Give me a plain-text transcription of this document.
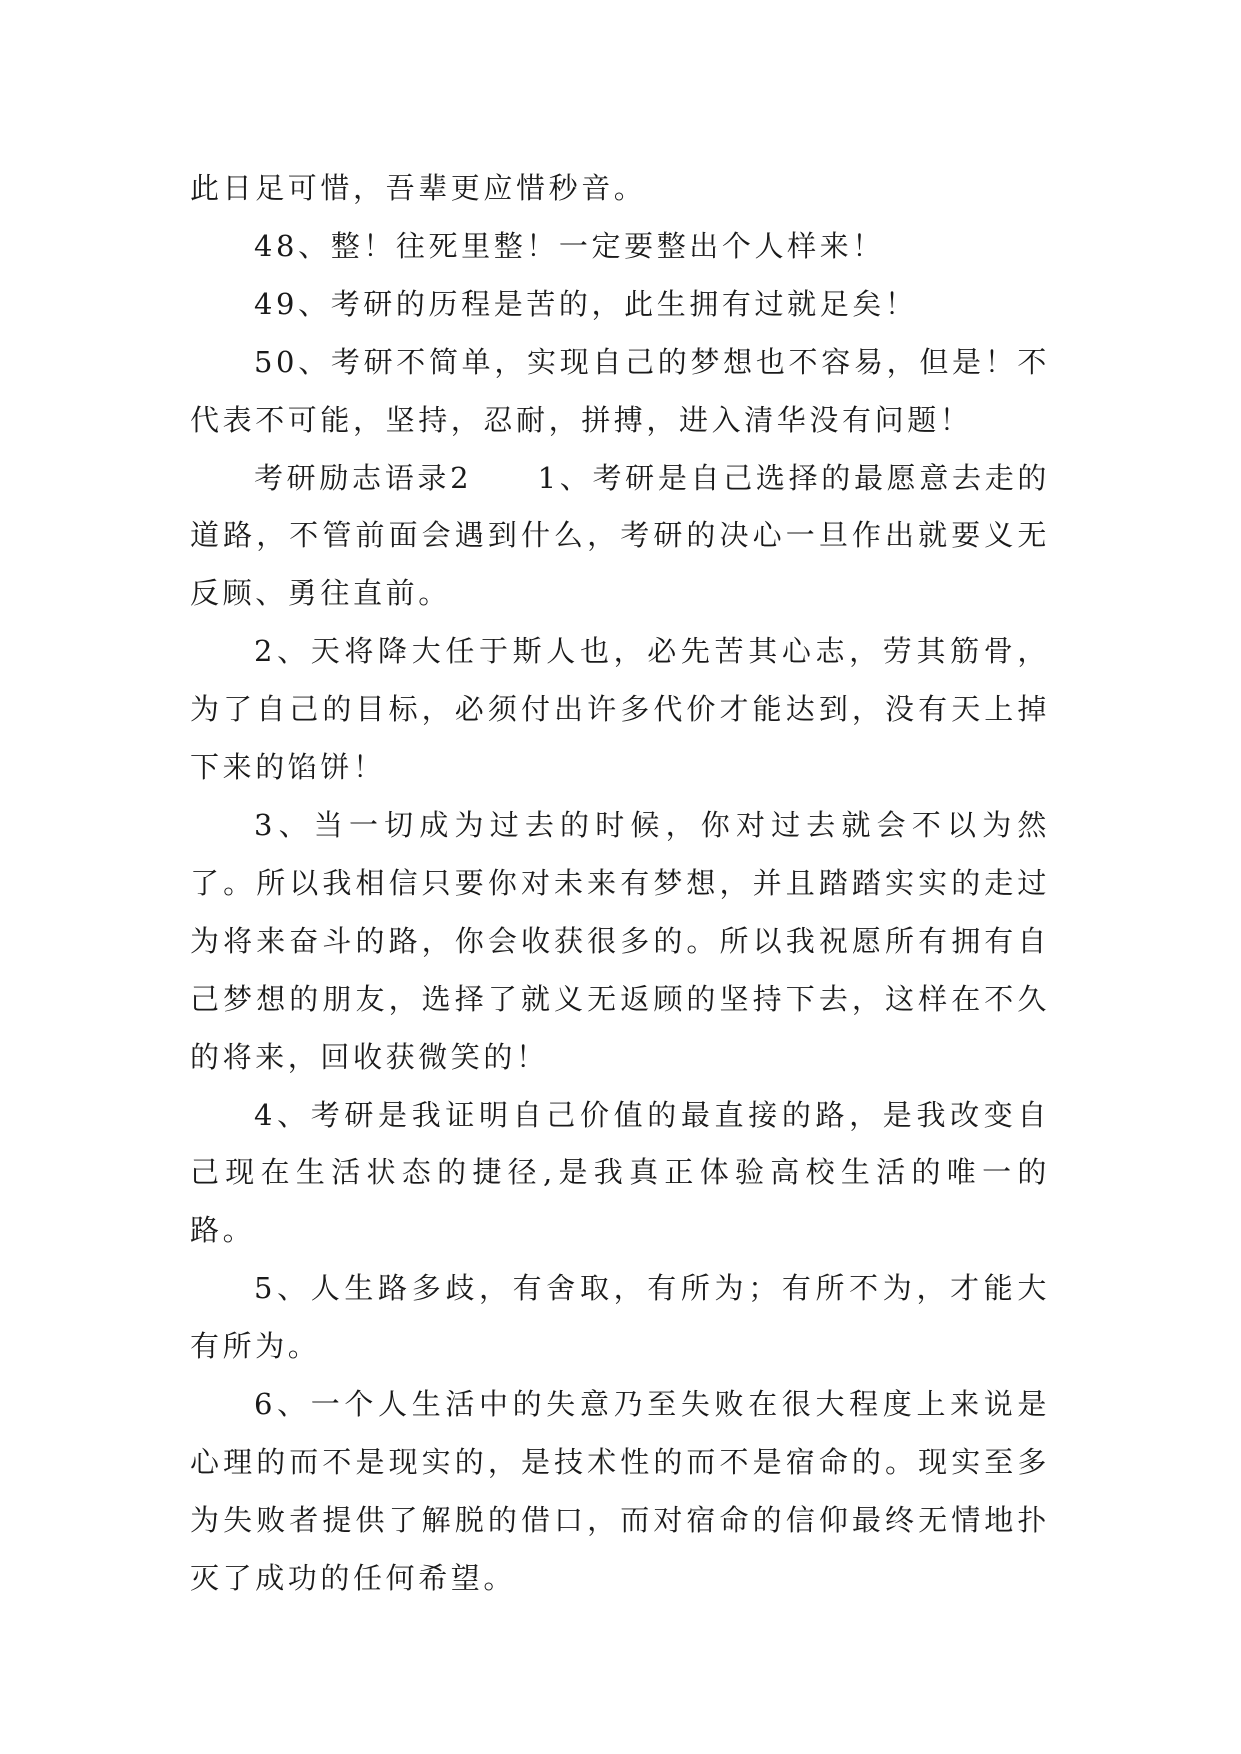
此日足可惜，吾辈更应惜秒音。

48、整！往死里整！一定要整出个人样来！

49、考研的历程是苦的，此生拥有过就足矣！

50、考研不简单，实现自己的梦想也不容易，但是！不代表不可能，坚持，忍耐，拼搏，进入清华没有问题！

考研励志语录2　　1、考研是自己选择的最愿意去走的道路，不管前面会遇到什么，考研的决心一旦作出就要义无反顾、勇往直前。

2、天将降大任于斯人也，必先苦其心志，劳其筋骨，为了自己的目标，必须付出许多代价才能达到，没有天上掉下来的馅饼！

3、当一切成为过去的时候，你对过去就会不以为然了。所以我相信只要你对未来有梦想，并且踏踏实实的走过为将来奋斗的路，你会收获很多的。所以我祝愿所有拥有自己梦想的朋友，选择了就义无返顾的坚持下去，这样在不久的将来，回收获微笑的！

4、考研是我证明自己价值的最直接的路，是我改变自己现在生活状态的捷径,是我真正体验高校生活的唯一的路。

5、人生路多歧，有舍取，有所为；有所不为，才能大有所为。

6、一个人生活中的失意乃至失败在很大程度上来说是心理的而不是现实的，是技术性的而不是宿命的。现实至多为失败者提供了解脱的借口，而对宿命的信仰最终无情地扑灭了成功的任何希望。
